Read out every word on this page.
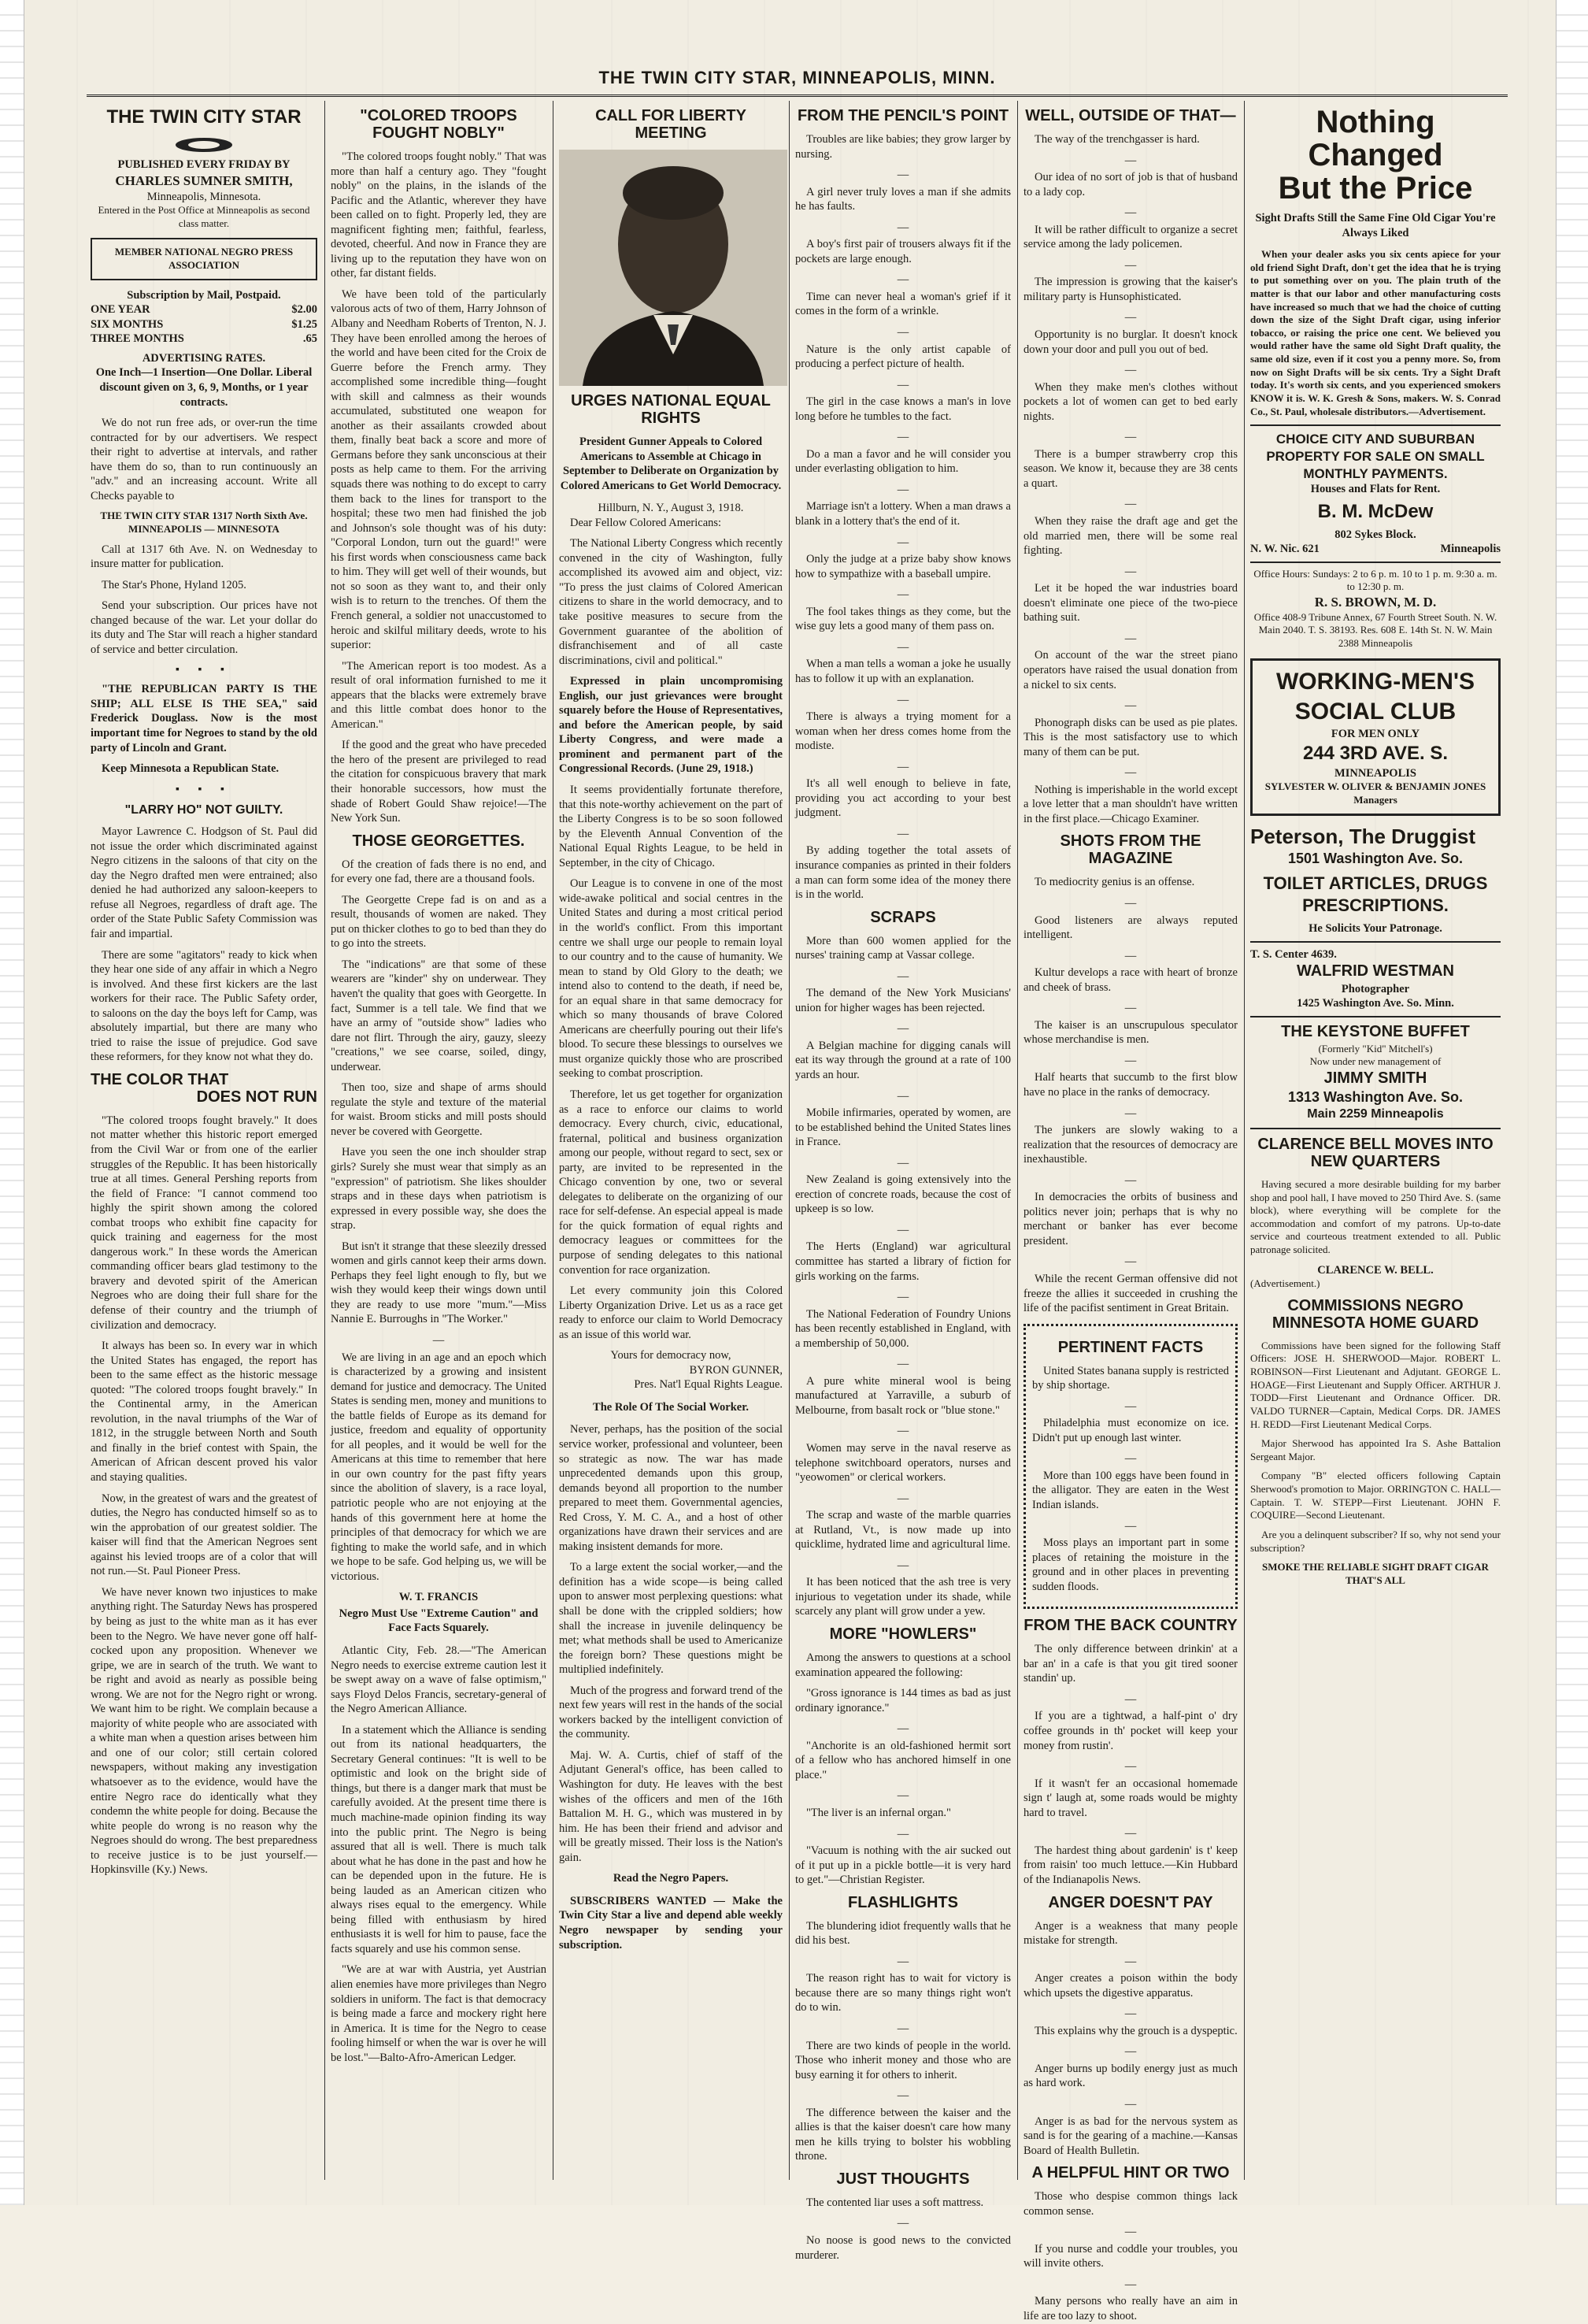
THE TWIN CITY STAR, MINNEAPOLIS, MINN.
THE TWIN CITY STAR
PUBLISHED EVERY FRIDAY BY
CHARLES SUMNER SMITH,
Minneapolis, Minnesota.
Entered in the Post Office at Minneapolis as second class matter.
MEMBER NATIONAL NEGRO PRESS ASSOCIATION
Subscription by Mail, Postpaid.
ONE YEAR	$2.00
SIX MONTHS	$1.25
THREE MONTHS	.65
ADVERTISING RATES.
One Inch—1 Insertion—One Dollar. Liberal discount given on 3, 6, 9, Months, or 1 year contracts.

We do not run free ads, or over-run the time contracted for by our advertisers. We respect their right to advertise at intervals, and rather have them do so, than to run continuously an "adv." and an increasing account. Write all Checks payable to

THE TWIN CITY STAR 1317 North Sixth Ave. MINNEAPOLIS — MINNESOTA

Call at 1317 6th Ave. N. on Wednesday to insure matter for publication.

The Star's Phone, Hyland 1205.

Send your subscription. Our prices have not changed because of the war. Let your dollar do its duty and The Star will reach a higher standard of service and better circulation.

▪ ▪ ▪

"THE REPUBLICAN PARTY IS THE SHIP; ALL ELSE IS THE SEA," said Frederick Douglass. Now is the most important time for Negroes to stand by the old party of Lincoln and Grant.

Keep Minnesota a Republican State.

▪ ▪ ▪
"LARRY HO" NOT GUILTY.

Mayor Lawrence C. Hodgson of St. Paul did not issue the order which discriminated against Negro citizens in the saloons of that city on the day the Negro drafted men were entrained; also denied he had authorized any saloon-keepers to refuse all Negroes, regardless of draft age. The order of the State Public Safety Commission was fair and impartial.

There are some "agitators" ready to kick when they hear one side of any affair in which a Negro is involved. And these first kickers are the last workers for their race. The Public Safety order, to saloons on the day the boys left for Camp, was absolutely impartial, but there are many who tried to raise the issue of prejudice. God save these reformers, for they know not what they do.

THE COLOR THAT
DOES NOT RUN

"The colored troops fought bravely." It does not matter whether this historic report emerged from the Civil War or from one of the earlier struggles of the Republic. It has been historically true at all times. General Pershing reports from the field of France: "I cannot commend too highly the spirit shown among the colored combat troops who exhibit fine capacity for quick training and eagerness for the most dangerous work." In these words the American commanding officer bears glad testimony to the bravery and devoted spirit of the American Negroes who are doing their full share for the defense of their country and the triumph of civilization and democracy.

It always has been so. In every war in which the United States has engaged, the report has been to the same effect as the historic message quoted: "The colored troops fought bravely." In the Continental army, in the American revolution, in the naval triumphs of the War of 1812, in the struggle between North and South and finally in the brief contest with Spain, the American of African descent proved his valor and staying qualities.

Now, in the greatest of wars and the greatest of duties, the Negro has conducted himself so as to win the approbation of our greatest soldier. The kaiser will find that the American Negroes sent against his levied troops are of a color that will not run.—St. Paul Pioneer Press.

We have never known two injustices to make anything right. The Saturday News has prospered by being as just to the white man as it has ever been to the Negro. We have never gone off half-cocked upon any proposition. Whenever we gripe, we are in search of the truth. We want to be right and avoid as nearly as possible being wrong. We are not for the Negro right or wrong. We want him to be right. We complain because a majority of white people who are associated with a white man when a question arises between him and one of our color; still certain colored newspapers, without making any investigation whatsoever as to the evidence, would have the entire Negro race do identically what they condemn the white people for doing. Because the white people do wrong is no reason why the Negroes should do wrong. The best preparedness to receive justice is to be just yourself.—Hopkinsville (Ky.) News.

"COLORED TROOPS FOUGHT NOBLY"

"The colored troops fought nobly." That was more than half a century ago. They "fought nobly" on the plains, in the islands of the Pacific and the Atlantic, wherever they have been called on to fight. Properly led, they are magnificent fighting men; faithful, fearless, devoted, cheerful. And now in France they are living up to the reputation they have won on other, far distant fields.

We have been told of the particularly valorous acts of two of them, Harry Johnson of Albany and Needham Roberts of Trenton, N. J. They have been enrolled among the heroes of the world and have been cited for the Croix de Guerre before the French army. They accomplished some incredible thing—fought with skill and calmness as their wounds accumulated, substituted one weapon for another as their assailants crowded about them, finally beat back a score and more of Germans before they sank unconscious at their posts as help came to them. For the arriving squads there was nothing to do except to carry them back to the lines for transport to the hospital; these two men had finished the job and Johnson's sole thought was of his duty: "Corporal London, turn out the guard!" were his first words when consciousness came back to him. They will get well of their wounds, but not so soon as they want to, and their only wish is to return to the trenches. Of them the French general, a soldier not unaccustomed to heroic and skilful military deeds, wrote to his superior:

"The American report is too modest. As a result of oral information furnished to me it appears that the blacks were extremely brave and this little combat does honor to the American."

If the good and the great who have preceded the hero of the present are privileged to read the citation for conspicuous bravery that mark their honorable successors, how must the shade of Robert Gould Shaw rejoice!—The New York Sun.

THOSE GEORGETTES.

Of the creation of fads there is no end, and for every one fad, there are a thousand fools.

The Georgette Crepe fad is on and as a result, thousands of women are naked. They put on thicker clothes to go to bed than they do to go into the streets.

The "indications" are that some of these wearers are "kinder" shy on underwear. They haven't the quality that goes with Georgette. In fact, Summer is a tell tale. We find that we have an army of "outside show" ladies who dare not flirt. Through the airy, gauzy, sleezy "creations," we see coarse, soiled, dingy, underwear.

Then too, size and shape of arms should regulate the style and texture of the material for waist. Broom sticks and mill posts should never be covered with Georgette.

Have you seen the one inch shoulder strap girls? Surely she must wear that simply as an "expression" of patriotism. She likes shoulder straps and in these days when patriotism is expressed in every possible way, she does the strap.

But isn't it strange that these sleezily dressed women and girls cannot keep their arms down. Perhaps they feel light enough to fly, but we wish they would keep their wings down until they are ready to use more "mum."—Miss Nannie E. Burroughs in "The Worker."

—

We are living in an age and an epoch which is characterized by a growing and insistent demand for justice and democracy. The United States is sending men, money and munitions to the battle fields of Europe as its demand for justice, freedom and equality of opportunity for all peoples, and it would be well for the Americans at this time to remember that here in our own country for the past fifty years since the abolition of slavery, is a race loyal, patriotic people who are not enjoying at the hands of this government here at home the principles of that democracy for which we are fighting to make the world safe, and in which we hope to be safe. God helping us, we will be victorious.

W. T. FRANCIS
Negro Must Use "Extreme Caution" and Face Facts Squarely.

Atlantic City, Feb. 28.—"The American Negro needs to exercise extreme caution lest it be swept away on a wave of false optimism," says Floyd Delos Francis, secretary-general of the Negro American Alliance.

In a statement which the Alliance is sending out from its national headquarters, the Secretary General continues: "It is well to be optimistic and look on the bright side of things, but there is a danger mark that must be carefully avoided. At the present time there is much machine-made opinion finding its way into the public print. The Negro is being assured that all is well. There is much talk about what he has done in the past and how he can be depended upon in the future. He is being lauded as an American citizen who always rises equal to the emergency. While being filled with enthusiasm by hired enthusiasts it is well for him to pause, face the facts squarely and use his common sense.

"We are at war with Austria, yet Austrian alien enemies have more privileges than Negro soldiers in uniform. The fact is that democracy is being made a farce and mockery right here in America. It is time for the Negro to cease fooling himself or when the war is over he will be lost."—Balto-Afro-American Ledger.

CALL FOR LIBERTY MEETING
URGES NATIONAL EQUAL RIGHTS
President Gunner Appeals to Colored Americans to Assemble at Chicago in September to Deliberate on Organization by Colored Americans to Get World Democracy.
Hillburn, N. Y., August 3, 1918.

Dear Fellow Colored Americans:

The National Liberty Congress which recently convened in the city of Washington, fully accomplished its avowed aim and object, viz: "To press the just claims of Colored American citizens to share in the world democracy, and to take positive measures to secure from the Government guarantee of the abolition of disfranchisement and of all caste discriminations, civil and political."

Expressed in plain uncompromising English, our just grievances were brought squarely before the House of Representatives, and before the American people, by said Liberty Congress, and were made a prominent and permanent part of the Congressional Records. (June 29, 1918.)

It seems providentially fortunate therefore, that this note-worthy achievement on the part of the Liberty Congress is to be so soon followed by the Eleventh Annual Convention of the National Equal Rights League, to be held in September, in the city of Chicago.

Our League is to convene in one of the most wide-awake political and social centres in the United States and during a most critical period in the world's conflict. From this important centre we shall urge our people to remain loyal to our country and to the cause of humanity. We mean to stand by Old Glory to the death; we intend also to contend to the death, if need be, for an equal share in that same democracy for which so many thousands of brave Colored Americans are cheerfully pouring out their life's blood. To secure these blessings to ourselves we must organize quickly those who are proscribed seeking to combat proscription.

Therefore, let us get together for organization as a race to enforce our claims to world democracy. Every church, civic, educational, fraternal, political and business organization among our people, without regard to sect, sex or party, are invited to be represented in the Chicago convention by one, two or several delegates to deliberate on the organizing of our race for self-defense. An especial appeal is made for the quick formation of equal rights and democracy leagues or committees for the purpose of sending delegates to this national convention for race organization.

Let every community join this Colored Liberty Organization Drive. Let us as a race get ready to enforce our claim to World Democracy as an issue of this world war.

Yours for democracy now,
BYRON GUNNER,
Pres. Nat'l Equal Rights League.
The Role Of The Social Worker.

Never, perhaps, has the position of the social service worker, professional and volunteer, been so strategic as now. The war has made unprecedented demands upon this group, demands beyond all proportion to the number prepared to meet them. Governmental agencies, Red Cross, Y. M. C. A., and a host of other organizations have drawn their services and are making insistent demands for more.

To a large extent the social worker,—and the definition has a wide scope—is being called upon to answer most perplexing questions: what shall be done with the crippled soldiers; how shall the increase in juvenile delinquency be met; what methods shall be used to Americanize the foreign born? These questions might be multiplied indefinitely.

Much of the progress and forward trend of the next few years will rest in the hands of the social workers backed by the intelligent conviction of the community.

Maj. W. A. Curtis, chief of staff of the Adjutant General's office, has been called to Washington for duty. He leaves with the best wishes of the officers and men of the 16th Battalion M. H. G., which was mustered in by him. He has been their friend and advisor and will be greatly missed. Their loss is the Nation's gain.

Read the Negro Papers.

SUBSCRIBERS WANTED — Make the Twin City Star a live and depend able weekly Negro newspaper by sending your subscription.

FROM THE PENCIL'S POINT

Troubles are like babies; they grow larger by nursing.

—

A girl never truly loves a man if she admits he has faults.

—

A boy's first pair of trousers always fit if the pockets are large enough.

—

Time can never heal a woman's grief if it comes in the form of a wrinkle.

—

Nature is the only artist capable of producing a perfect picture of health.

—

The girl in the case knows a man's in love long before he tumbles to the fact.

—

Do a man a favor and he will consider you under everlasting obligation to him.

—

Marriage isn't a lottery. When a man draws a blank in a lottery that's the end of it.

—

Only the judge at a prize baby show knows how to sympathize with a baseball umpire.

—

The fool takes things as they come, but the wise guy lets a good many of them pass on.

—

When a man tells a woman a joke he usually has to follow it up with an explanation.

—

There is always a trying moment for a woman when her dress comes home from the modiste.

—

It's all well enough to believe in fate, providing you act according to your best judgment.

—

By adding together the total assets of insurance companies as printed in their folders a man can form some idea of the money there is in the world.

SCRAPS

More than 600 women applied for the nurses' training camp at Vassar college.

—

The demand of the New York Musicians' union for higher wages has been rejected.

—

A Belgian machine for digging canals will eat its way through the ground at a rate of 100 yards an hour.

—

Mobile infirmaries, operated by women, are to be established behind the United States lines in France.

—

New Zealand is going extensively into the erection of concrete roads, because the cost of upkeep is so low.

—

The Herts (England) war agricultural committee has started a library of fiction for girls working on the farms.

—

The National Federation of Foundry Unions has been recently established in England, with a membership of 50,000.

—

A pure white mineral wool is being manufactured at Yarraville, a suburb of Melbourne, from basalt rock or "blue stone."

—

Women may serve in the naval reserve as telephone switchboard operators, nurses and "yeowomen" or clerical workers.

—

The scrap and waste of the marble quarries at Rutland, Vt., is now made up into quicklime, hydrated lime and agricultural lime.

—

It has been noticed that the ash tree is very injurious to vegetation under its shade, while scarcely any plant will grow under a yew.

MORE "HOWLERS"

Among the answers to questions at a school examination appeared the following:

"Gross ignorance is 144 times as bad as just ordinary ignorance."

—

"Anchorite is an old-fashioned hermit sort of a fellow who has anchored himself in one place."

—

"The liver is an infernal organ."

—

"Vacuum is nothing with the air sucked out of it put up in a pickle bottle—it is very hard to get."—Christian Register.

FLASHLIGHTS

The blundering idiot frequently walls that he did his best.

—

The reason right has to wait for victory is because there are so many things right won't do to win.

—

There are two kinds of people in the world. Those who inherit money and those who are busy earning it for others to inherit.

—

The difference between the kaiser and the allies is that the kaiser doesn't care how many men he kills trying to bolster his wobbling throne.

JUST THOUGHTS

The contented liar uses a soft mattress.

—

No noose is good news to the convicted murderer.

WELL, OUTSIDE OF THAT—

The way of the trenchgasser is hard.

—

Our idea of no sort of job is that of husband to a lady cop.

—

It will be rather difficult to organize a secret service among the lady policemen.

—

The impression is growing that the kaiser's military party is Hunsophisticated.

—

Opportunity is no burglar. It doesn't knock down your door and pull you out of bed.

—

When they make men's clothes without pockets a lot of women can get to bed early nights.

—

There is a bumper strawberry crop this season. We know it, because they are 38 cents a quart.

—

When they raise the draft age and get the old married men, there will be some real fighting.

—

Let it be hoped the war industries board doesn't eliminate one piece of the two-piece bathing suit.

—

On account of the war the street piano operators have raised the usual donation from a nickel to six cents.

—

Phonograph disks can be used as pie plates. This is the most satisfactory use to which many of them can be put.

—

Nothing is imperishable in the world except a love letter that a man shouldn't have written in the first place.—Chicago Examiner.

SHOTS FROM THE MAGAZINE

To mediocrity genius is an offense.

—

Good listeners are always reputed intelligent.

—

Kultur develops a race with heart of bronze and cheek of brass.

—

The kaiser is an unscrupulous speculator whose merchandise is men.

—

Half hearts that succumb to the first blow have no place in the ranks of democracy.

—

The junkers are slowly waking to a realization that the resources of democracy are inexhaustible.

—

In democracies the orbits of business and politics never join; perhaps that is why no merchant or banker has ever become president.

—

While the recent German offensive did not freeze the allies it succeeded in crushing the life of the pacifist sentiment in Great Britain.

PERTINENT FACTS

United States banana supply is restricted by ship shortage.

—

Philadelphia must economize on ice. Didn't put up enough last winter.

—

More than 100 eggs have been found in the alligator. They are eaten in the West Indian islands.

—

Moss plays an important part in some places of retaining the moisture in the ground and in other places in preventing sudden floods.

FROM THE BACK COUNTRY

The only difference between drinkin' at a bar an' in a cafe is that you git tired sooner standin' up.

—

If you are a tightwad, a half-pint o' dry coffee grounds in th' pocket will keep your money from rustin'.

—

If it wasn't fer an occasional homemade sign t' laugh at, some roads would be mighty hard to travel.

—

The hardest thing about gardenin' is t' keep from raisin' too much lettuce.—Kin Hubbard of the Indianapolis News.

ANGER DOESN'T PAY

Anger is a weakness that many people mistake for strength.

—

Anger creates a poison within the body which upsets the digestive apparatus.

—

This explains why the grouch is a dyspeptic.

—

Anger burns up bodily energy just as much as hard work.

—

Anger is as bad for the nervous system as sand is for the gearing of a machine.—Kansas Board of Health Bulletin.

A HELPFUL HINT OR TWO

Those who despise common things lack common sense.

—

If you nurse and coddle your troubles, you will invite others.

—

Many persons who really have an aim in life are too lazy to shoot.

Nothing Changed
But the Price
Sight Drafts Still the Same Fine Old Cigar You're Always Liked

When your dealer asks you six cents apiece for your old friend Sight Draft, don't get the idea that he is trying to put something over on you. The plain truth of the matter is that our labor and other manufacturing costs have increased so much that we had the choice of cutting down the size of the Sight Draft cigar, using inferior tobacco, or raising the price one cent. We believed you would rather have the same old Sight Draft quality, the same old size, even if it cost you a penny more. So, from now on Sight Drafts will be six cents. Try a Sight Draft today. It's worth six cents, and you experienced smokers KNOW it is. W. K. Gresh & Sons, makers. W. S. Conrad Co., St. Paul, wholesale distributors.—Advertisement.

CHOICE CITY AND SUBURBAN PROPERTY FOR SALE ON SMALL MONTHLY PAYMENTS.
Houses and Flats for Rent.
B. M. McDew
802 Sykes Block.
N. W. Nic. 621	Minneapolis
Office Hours: Sundays: 2 to 6 p. m. 10 to 1 p. m. 9:30 a. m. to 12:30 p. m.
R. S. BROWN, M. D.
Office 408-9 Tribune Annex, 67 Fourth Street South. N. W. Main 2040. T. S. 38193. Res. 608 E. 14th St. N. W. Main 2388 Minneapolis
WORKING-MEN'S
SOCIAL CLUB
FOR MEN ONLY
244 3RD AVE. S.
MINNEAPOLIS
SYLVESTER W. OLIVER & BENJAMIN JONES
Managers
Peterson, The Druggist
1501 Washington Ave. So.
TOILET ARTICLES, DRUGS PRESCRIPTIONS.
He Solicits Your Patronage.
T. S. Center 4639.
WALFRID WESTMAN
Photographer
1425 Washington Ave. So. Minn.
THE KEYSTONE BUFFET
(Formerly "Kid" Mitchell's)
Now under new management of
JIMMY SMITH
1313 Washington Ave. So.
Main 2259 Minneapolis
CLARENCE BELL MOVES INTO NEW QUARTERS

Having secured a more desirable building for my barber shop and pool hall, I have moved to 250 Third Ave. S. (same block), where everything will be complete for the accommodation and comfort of my patrons. Up-to-date service and courteous treatment extended to all. Public patronage solicited.

CLARENCE W. BELL.
(Advertisement.)
COMMISSIONS NEGRO MINNESOTA HOME GUARD

Commissions have been signed for the following Staff Officers: JOSE H. SHERWOOD—Major. ROBERT L. ROBINSON—First Lieutenant and Adjutant. GEORGE L. HOAGE—First Lieutenant and Supply Officer. ARTHUR J. TODD—First Lieutenant and Ordnance Officer. DR. VALDO TURNER—Captain, Medical Corps. DR. JAMES H. REDD—First Lieutenant Medical Corps.

Major Sherwood has appointed Ira S. Ashe Battalion Sergeant Major.

Company "B" elected officers following Captain Sherwood's promotion to Major. ORRINGTON C. HALL—Captain. T. W. STEPP—First Lieutenant. JOHN F. COQUIRE—Second Lieutenant.

Are you a delinquent subscriber? If so, why not send your subscription?

SMOKE THE RELIABLE SIGHT DRAFT CIGAR THAT'S ALL
